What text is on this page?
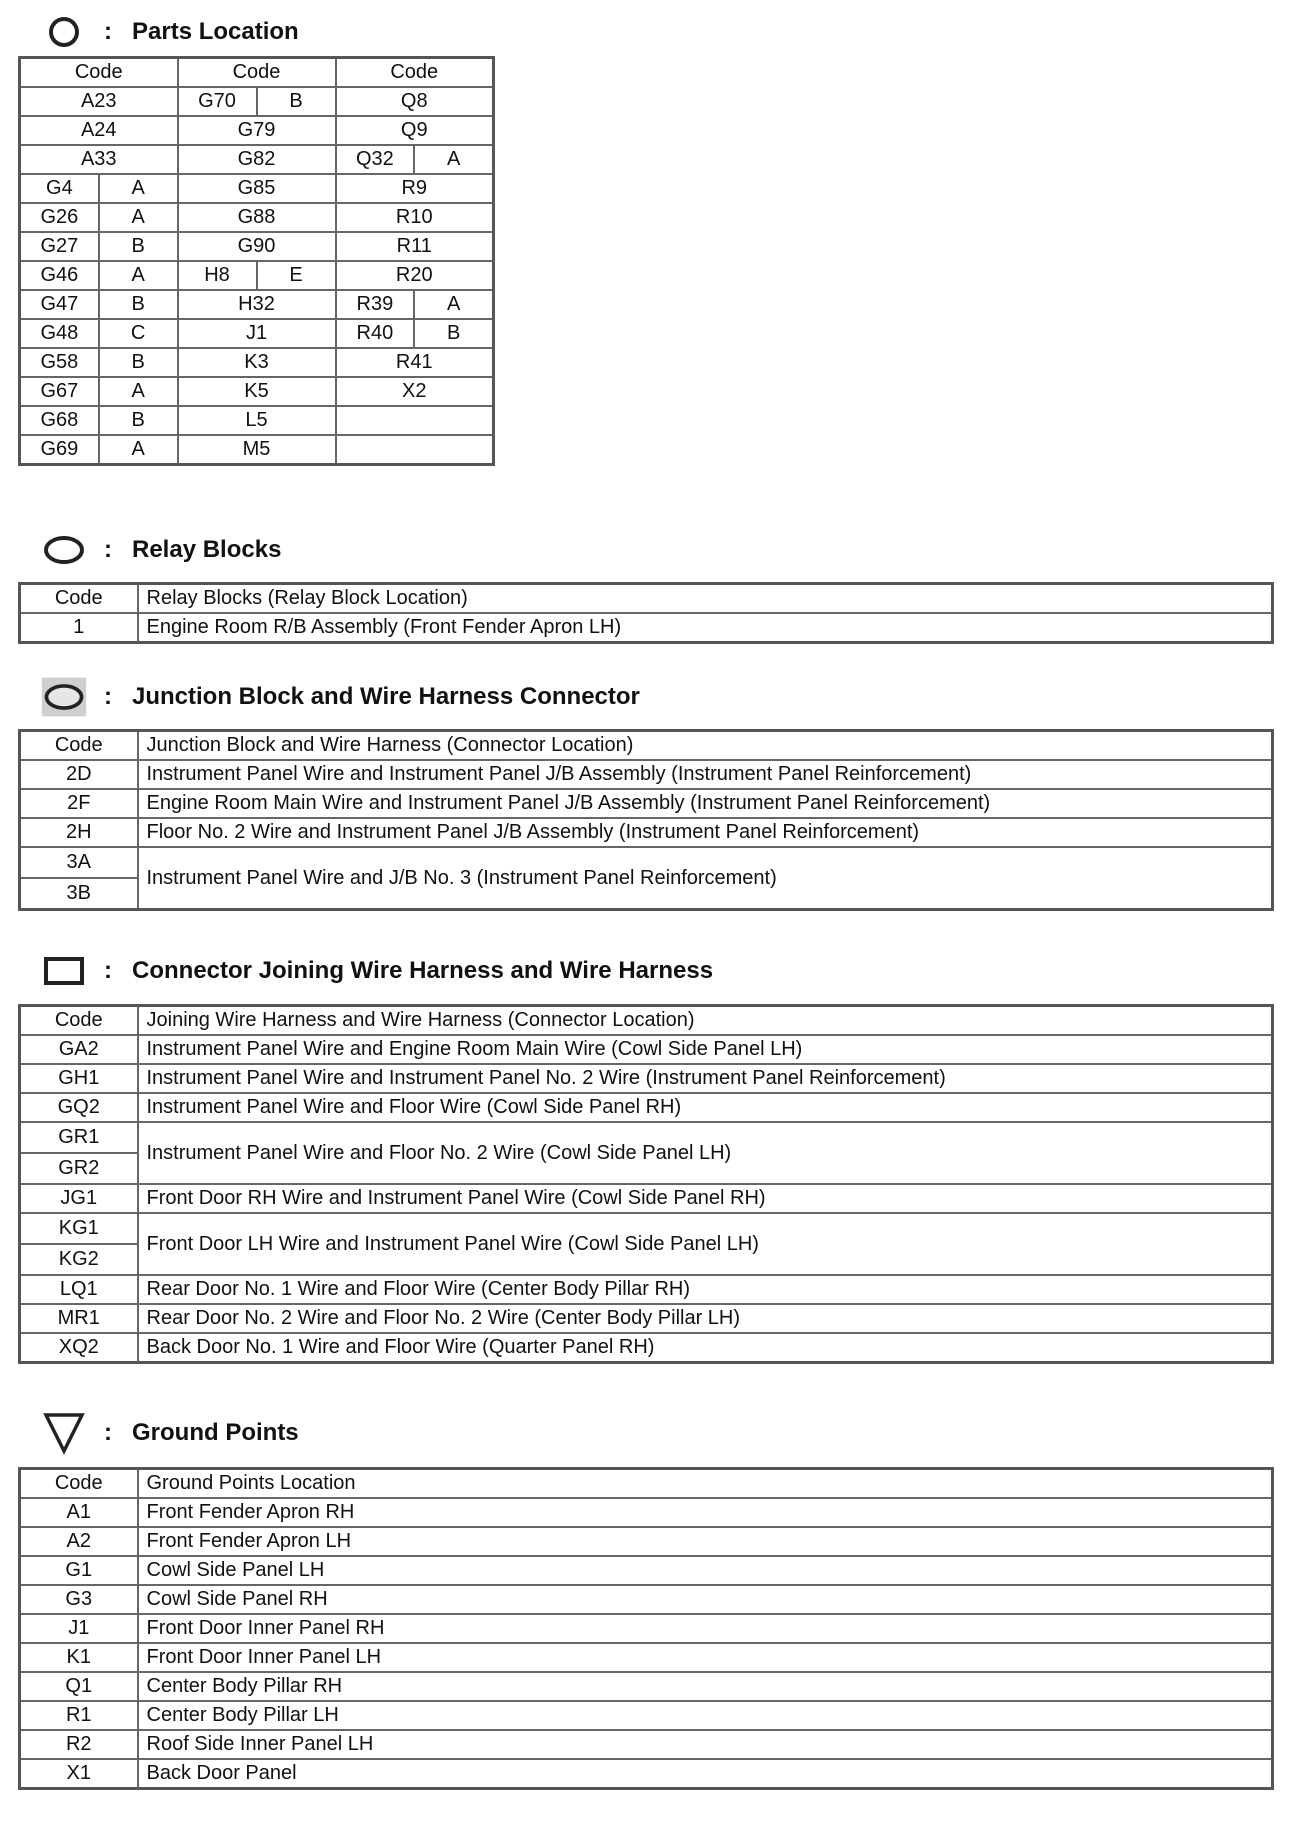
: Parts Location
Code	Code	Code
A23	G70 B	Q8
A24	G79	Q9
A33	G82	Q32 A

G4 A	G85	R9

G26 A	G88	R10

G27 B	G90	R11

G46 A	H8 E	R20

G47 B	H32	R39 A

G48 C	J1	R40 B

G58 B	K3	R41

G67 A	K5	X2

G68 B	L5	

G69 A	M5	
: Relay Blocks
Code	Relay Blocks (Relay Block Location)
1	Engine Room R/B Assembly (Front Fender Apron LH)
: Junction Block and Wire Harness Connector
Code	Junction Block and Wire Harness (Connector Location)
2D	Instrument Panel Wire and Instrument Panel J/B Assembly (Instrument Panel Reinforcement)
2F	Engine Room Main Wire and Instrument Panel J/B Assembly (Instrument Panel Reinforcement)
2H	Floor No. 2 Wire and Instrument Panel J/B Assembly (Instrument Panel Reinforcement)

3A
3B	Instrument Panel Wire and J/B No. 3 (Instrument Panel Reinforcement)
: Connector Joining Wire Harness and Wire Harness
Code	Joining Wire Harness and Wire Harness (Connector Location)
GA2	Instrument Panel Wire and Engine Room Main Wire (Cowl Side Panel LH)
GH1	Instrument Panel Wire and Instrument Panel No. 2 Wire (Instrument Panel Reinforcement)
GQ2	Instrument Panel Wire and Floor Wire (Cowl Side Panel RH)

GR1
GR2	Instrument Panel Wire and Floor No. 2 Wire (Cowl Side Panel LH)
JG1	Front Door RH Wire and Instrument Panel Wire (Cowl Side Panel RH)

KG1
KG2	Front Door LH Wire and Instrument Panel Wire (Cowl Side Panel LH)
LQ1	Rear Door No. 1 Wire and Floor Wire (Center Body Pillar RH)
MR1	Rear Door No. 2 Wire and Floor No. 2 Wire (Center Body Pillar LH)
XQ2	Back Door No. 1 Wire and Floor Wire (Quarter Panel RH)
: Ground Points
Code	Ground Points Location
A1	Front Fender Apron RH
A2	Front Fender Apron LH
G1	Cowl Side Panel LH
G3	Cowl Side Panel RH
J1	Front Door Inner Panel RH
K1	Front Door Inner Panel LH
Q1	Center Body Pillar RH
R1	Center Body Pillar LH
R2	Roof Side Inner Panel LH
X1	Back Door Panel
